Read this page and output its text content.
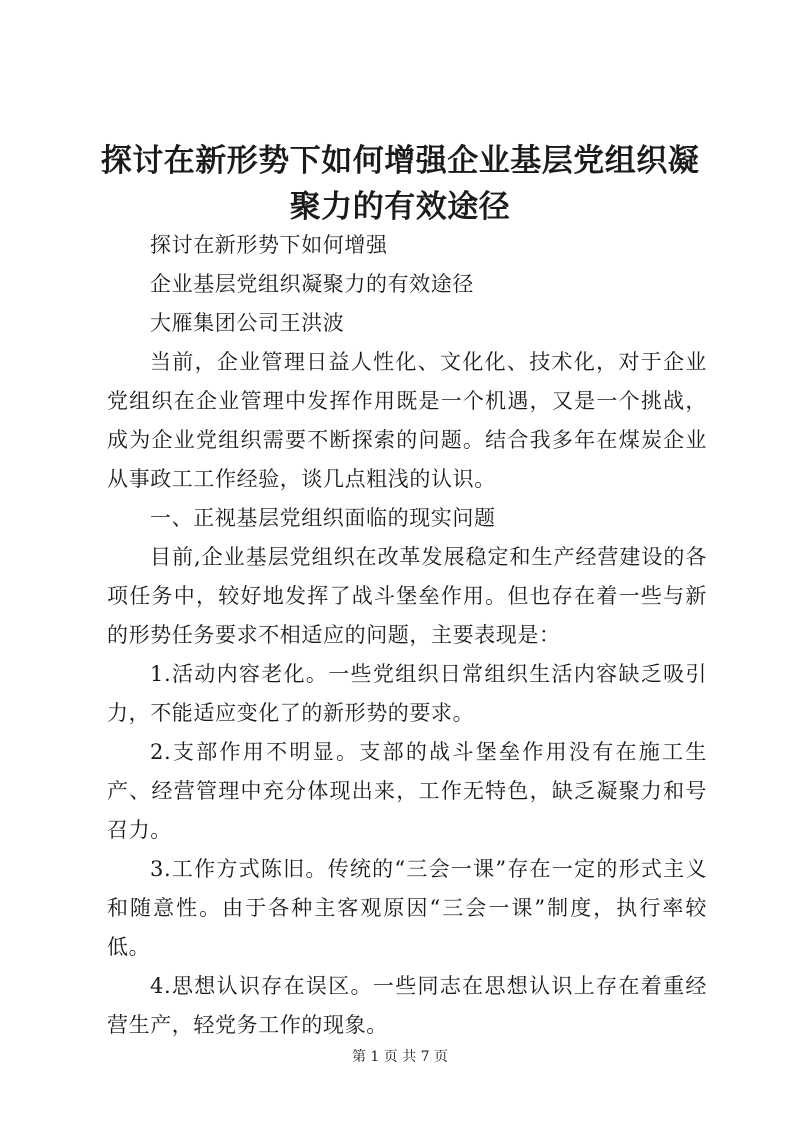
探讨在新形势下如何增强企业基层党组织凝聚力的有效途径

探讨在新形势下如何增强

企业基层党组织凝聚力的有效途径

大雁集团公司王洪波

当前，企业管理日益人性化、文化化、技术化，对于企业党组织在企业管理中发挥作用既是一个机遇，又是一个挑战，成为企业党组织需要不断探索的问题。结合我多年在煤炭企业从事政工工作经验，谈几点粗浅的认识。

一、正视基层党组织面临的现实问题

目前,企业基层党组织在改革发展稳定和生产经营建设的各项任务中，较好地发挥了战斗堡垒作用。但也存在着一些与新的形势任务要求不相适应的问题，主要表现是：

1.活动内容老化。一些党组织日常组织生活内容缺乏吸引力，不能适应变化了的新形势的要求。

2.支部作用不明显。支部的战斗堡垒作用没有在施工生产、经营管理中充分体现出来，工作无特色，缺乏凝聚力和号召力。

3.工作方式陈旧。传统的“三会一课”存在一定的形式主义和随意性。由于各种主客观原因“三会一课”制度，执行率较低。

4.思想认识存在误区。一些同志在思想认识上存在着重经营生产，轻党务工作的现象。

第 1 页 共 7 页
